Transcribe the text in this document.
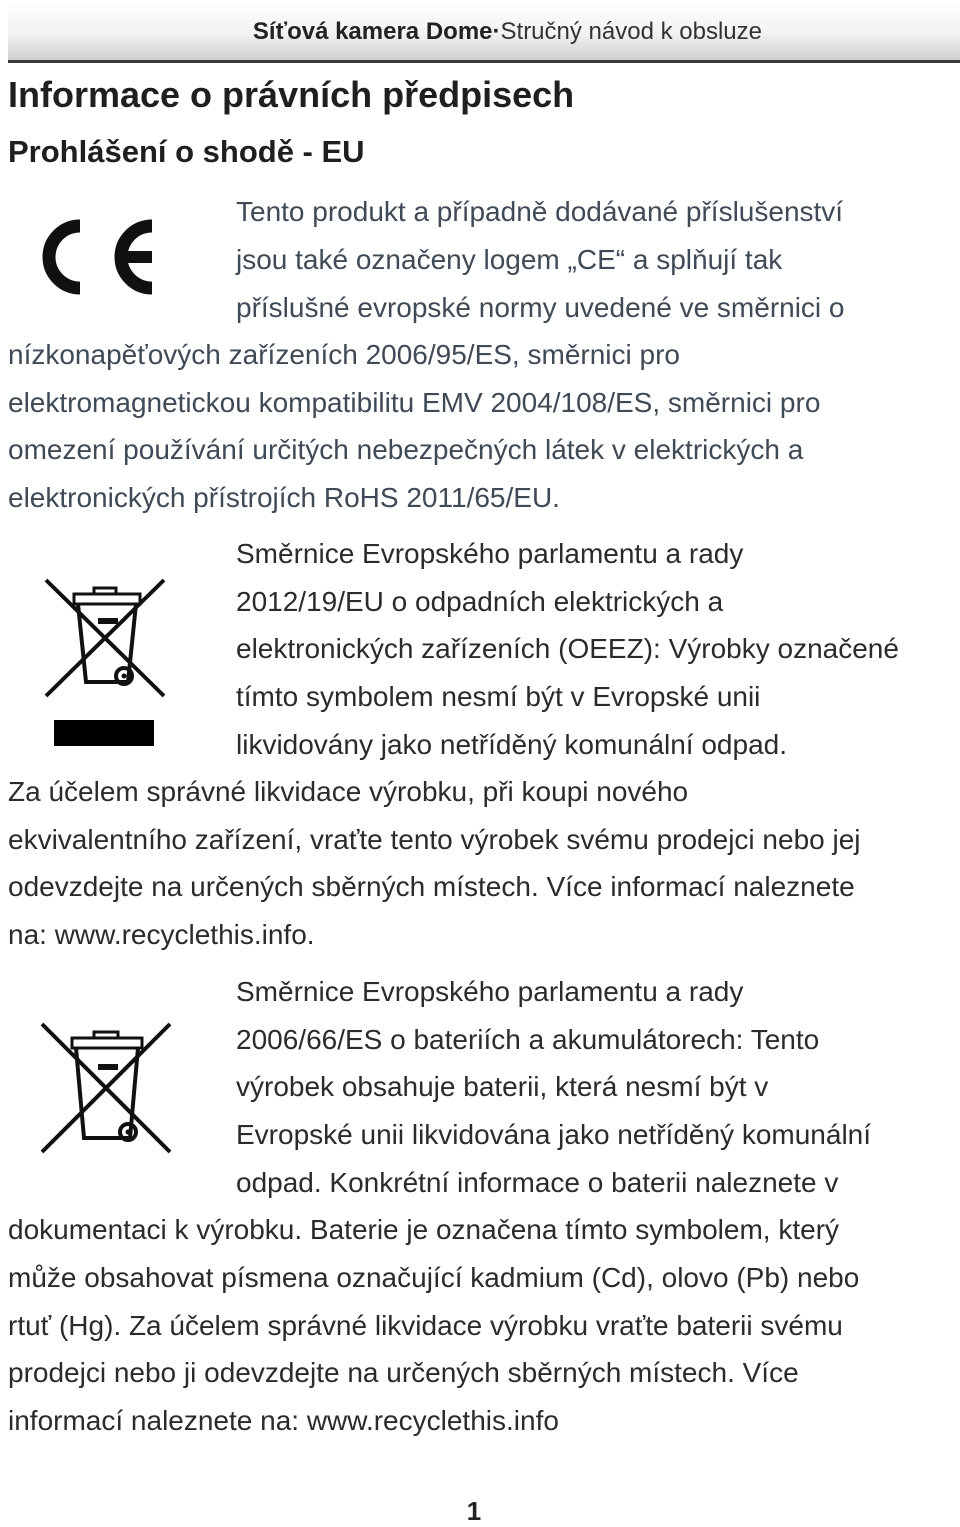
Síťová kamera Dome·Stručný návod k obsluze
Informace o právních předpisech
Prohlášení o shodě - EU
Tento produkt a případně dodávané příslušenství
jsou také označeny logem „CE“ a splňují tak
příslušné evropské normy uvedené ve směrnici o
nízkonapěťových zařízeních 2006/95/ES, směrnici pro
elektromagnetickou kompatibilitu EMV 2004/108/ES, směrnici pro
omezení používání určitých nebezpečných látek v elektrických a
elektronických přístrojích RoHS 2011/65/EU.
Směrnice Evropského parlamentu a rady
2012/19/EU o odpadních elektrických a
elektronických zařízeních (OEEZ): Výrobky označené
tímto symbolem nesmí být v Evropské unii
likvidovány jako netříděný komunální odpad.
Za účelem správné likvidace výrobku, při koupi nového
ekvivalentního zařízení, vraťte tento výrobek svému prodejci nebo jej
odevzdejte na určených sběrných místech. Více informací naleznete
na: www.recyclethis.info.
Směrnice Evropského parlamentu a rady
2006/66/ES o bateriích a akumulátorech: Tento
výrobek obsahuje baterii, která nesmí být v
Evropské unii likvidována jako netříděný komunální
odpad. Konkrétní informace o baterii naleznete v
dokumentaci k výrobku. Baterie je označena tímto symbolem, který
může obsahovat písmena označující kadmium (Cd), olovo (Pb) nebo
rtuť (Hg). Za účelem správné likvidace výrobku vraťte baterii svému
prodejci nebo ji odevzdejte na určených sběrných místech. Více
informací naleznete na: www.recyclethis.info
1
